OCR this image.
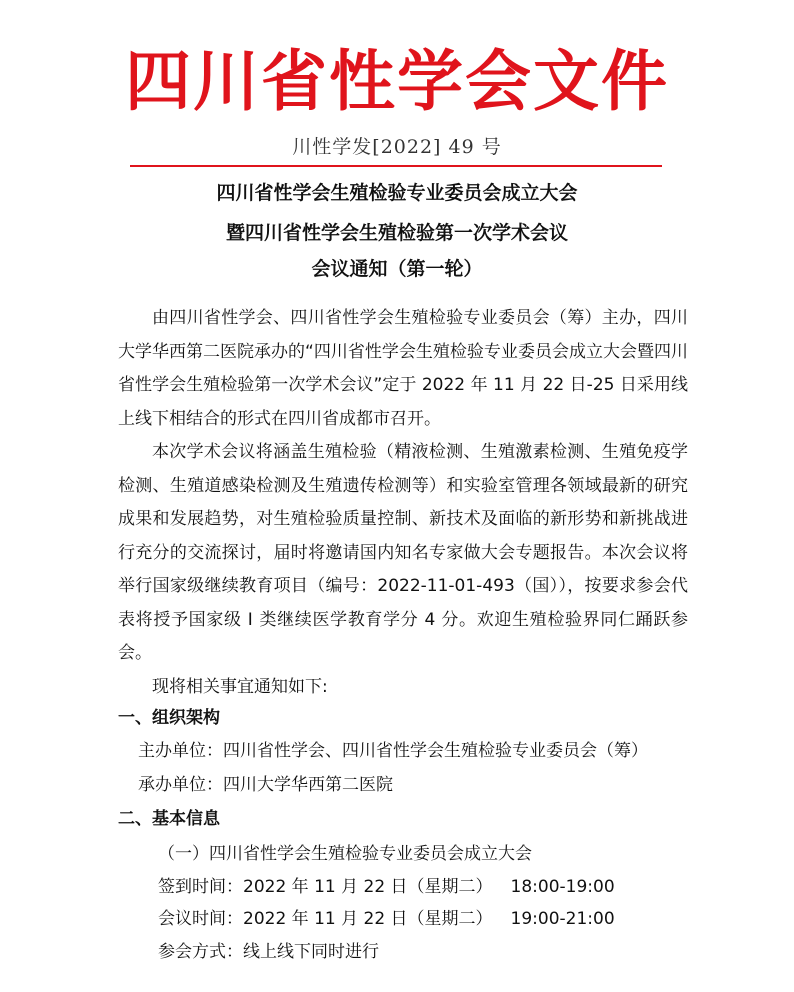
四川省性学会文件
川性学发[2022] 49 号
四川省性学会生殖检验专业委员会成立大会
暨四川省性学会生殖检验第一次学术会议
会议通知（第一轮）

由四川省性学会、四川省性学会生殖检验专业委员会（筹）主办，四川大学华西第二医院承办的“四川省性学会生殖检验专业委员会成立大会暨四川省性学会生殖检验第一次学术会议”定于 2022 年 11 月 22 日-25 日采用线上线下相结合的形式在四川省成都市召开。

本次学术会议将涵盖生殖检验（精液检测、生殖激素检测、生殖免疫学检测、生殖道感染检测及生殖遗传检测等）和实验室管理各领域最新的研究成果和发展趋势，对生殖检验质量控制、新技术及面临的新形势和新挑战进行充分的交流探讨，届时将邀请国内知名专家做大会专题报告。本次会议将举行国家级继续教育项目（编号：2022-11-01-493（国）），按要求参会代表将授予国家级 Ⅰ 类继续医学教育学分 4 分。欢迎生殖检验界同仁踊跃参会。

现将相关事宜通知如下:

一、组织架构
主办单位：四川省性学会、四川省性学会生殖检验专业委员会（筹）
承办单位：四川大学华西第二医院
二、基本信息
（一）四川省性学会生殖检验专业委员会成立大会
签到时间：2022 年 11 月 22 日（星期二） 18:00-19:00
会议时间：2022 年 11 月 22 日（星期二） 19:00-21:00
参会方式：线上线下同时进行
